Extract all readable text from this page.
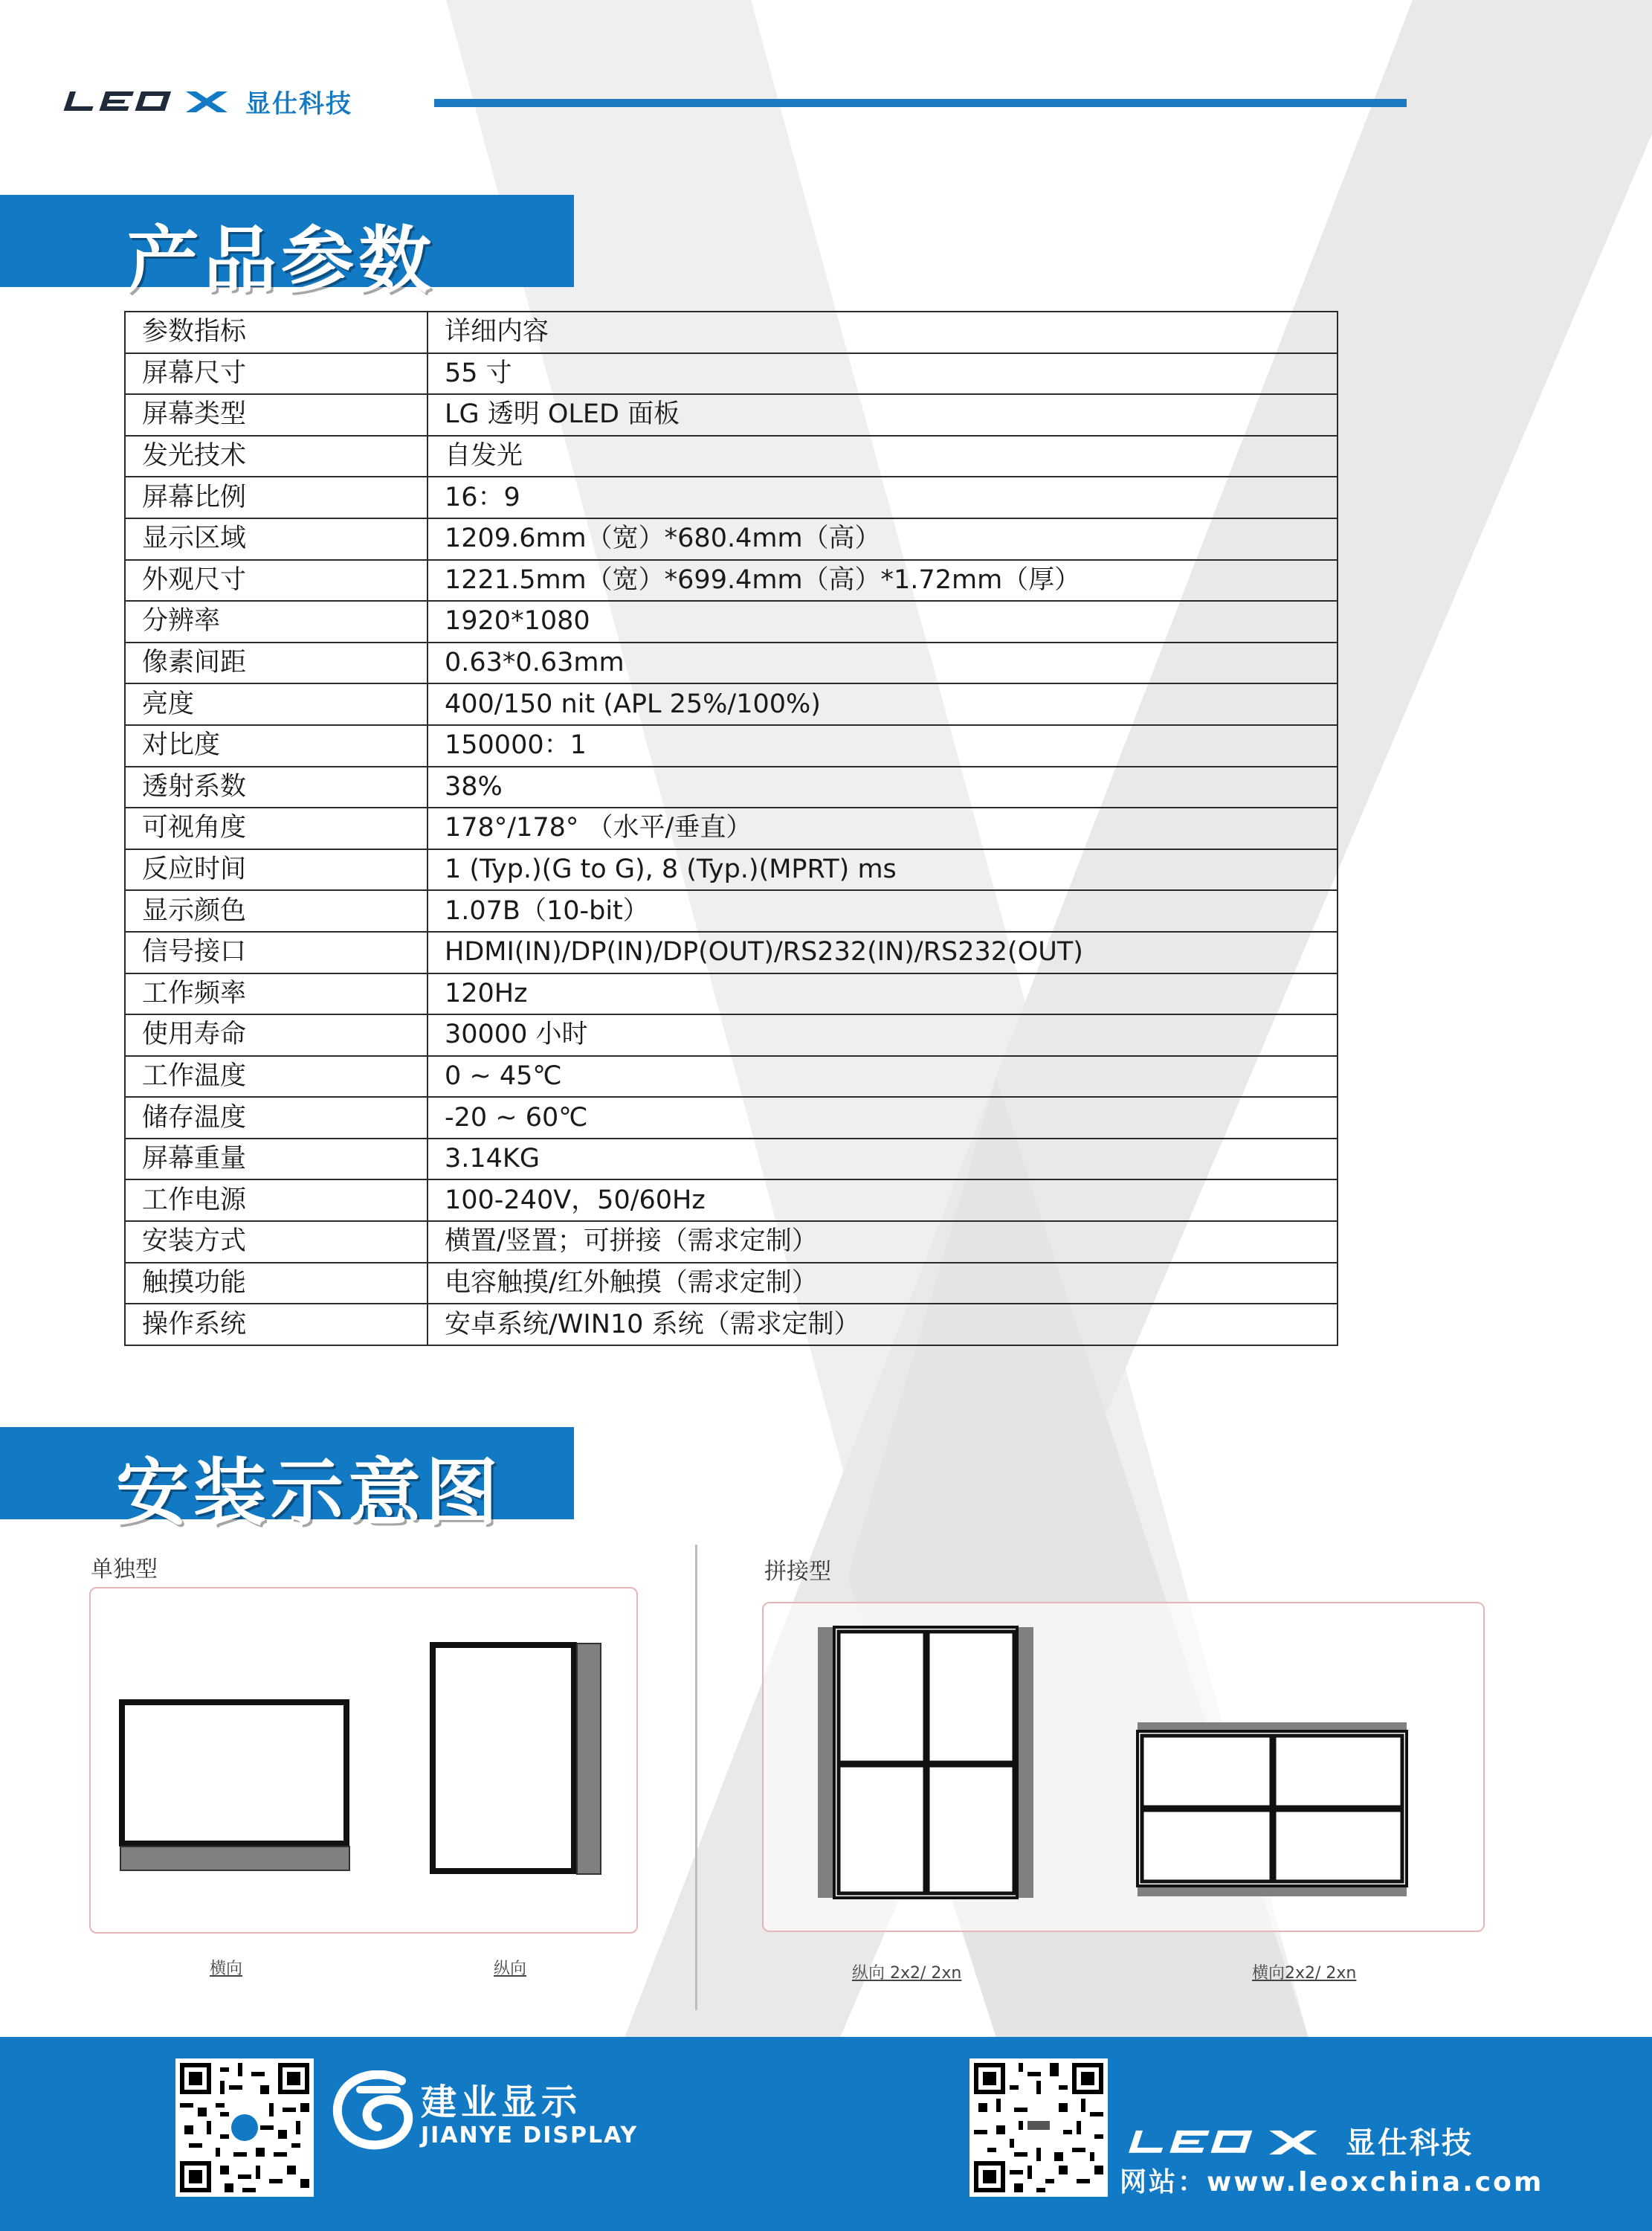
显仕科技
产品参数
参数指标	详细内容
屏幕尺寸	55 寸
屏幕类型	LG 透明 OLED 面板
发光技术	自发光
屏幕比例	16：9
显示区域	1209.6mm（宽）*680.4mm（高）
外观尺寸	1221.5mm（宽）*699.4mm（高）*1.72mm（厚）
分辨率	1920*1080
像素间距	0.63*0.63mm
亮度	400/150 nit (APL 25%/100%)
对比度	150000：1
透射系数	38%
可视角度	178°/178° （水平/垂直）
反应时间	1 (Typ.)(G to G), 8 (Typ.)(MPRT) ms
显示颜色	1.07B（10-bit）
信号接口	HDMI(IN)/DP(IN)/DP(OUT)/RS232(IN)/RS232(OUT)
工作频率	120Hz
使用寿命	30000 小时
工作温度	0 ~ 45℃
储存温度	-20 ~ 60℃
屏幕重量	3.14KG
工作电源	100-240V，50/60Hz
安装方式	横置/竖置；可拼接（需求定制）
触摸功能	电容触摸/红外触摸（需求定制）
操作系统	安卓系统/WIN10 系统（需求定制）
安装示意图
单独型
横向	纵向
拼接型
纵向 2x2/ 2xn	横向2x2/ 2xn
建业显示
JIANYE DISPLAY	显仕科技
网站：www.leoxchina.com
